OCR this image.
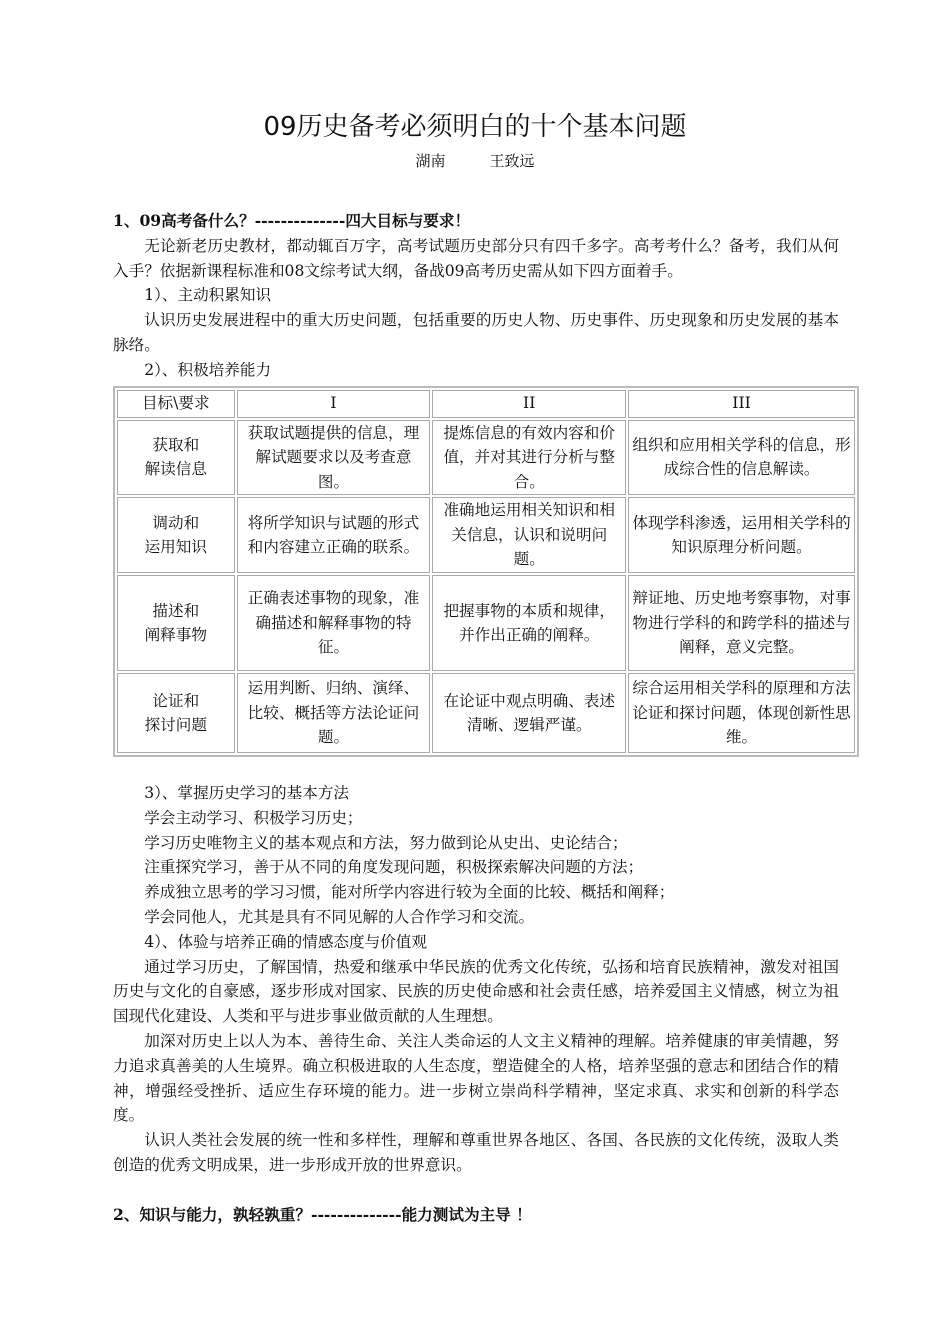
09历史备考必须明白的十个基本问题
湖南	王致远

1、09高考备什么？--------------四大目标与要求！

无论新老历史教材，都动辄百万字，高考试题历史部分只有四千多字。高考考什么？备考，我们从何入手？依据新课程标准和08文综考试大纲，备战09高考历史需从如下四方面着手。

1）、主动积累知识

认识历史发展进程中的重大历史问题，包括重要的历史人物、历史事件、历史现象和历史发展的基本脉络。

2）、积极培养能力

目标\要求	I	II	III
获取和
解读信息	获取试题提供的信息，理解试题要求以及考查意图。	提炼信息的有效内容和价值，并对其进行分析与整合。	组织和应用相关学科的信息，形成综合性的信息解读。
调动和
运用知识	将所学知识与试题的形式和内容建立正确的联系。	准确地运用相关知识和相关信息，认识和说明问题。	体现学科渗透，运用相关学科的知识原理分析问题。
描述和
阐释事物	正确表述事物的现象，准确描述和解释事物的特征。	把握事物的本质和规律，并作出正确的阐释。	辩证地、历史地考察事物，对事物进行学科的和跨学科的描述与阐释，意义完整。
论证和
探讨问题	运用判断、归纳、演绎、比较、概括等方法论证问题。	在论证中观点明确、表述清晰、逻辑严谨。	综合运用相关学科的原理和方法论证和探讨问题，体现创新性思维。

3）、掌握历史学习的基本方法

学会主动学习、积极学习历史；

学习历史唯物主义的基本观点和方法，努力做到论从史出、史论结合；

注重探究学习，善于从不同的角度发现问题，积极探索解决问题的方法；

养成独立思考的学习习惯，能对所学内容进行较为全面的比较、概括和阐释；

学会同他人，尤其是具有不同见解的人合作学习和交流。

4）、体验与培养正确的情感态度与价值观

通过学习历史，了解国情，热爱和继承中华民族的优秀文化传统，弘扬和培育民族精神，激发对祖国历史与文化的自豪感，逐步形成对国家、民族的历史使命感和社会责任感，培养爱国主义情感，树立为祖国现代化建设、人类和平与进步事业做贡献的人生理想。

加深对历史上以人为本、善待生命、关注人类命运的人文主义精神的理解。培养健康的审美情趣，努力追求真善美的人生境界。确立积极进取的人生态度，塑造健全的人格，培养坚强的意志和团结合作的精神，增强经受挫折、适应生存环境的能力。进一步树立崇尚科学精神，坚定求真、求实和创新的科学态度。

认识人类社会发展的统一性和多样性，理解和尊重世界各地区、各国、各民族的文化传统，汲取人类创造的优秀文明成果，进一步形成开放的世界意识。

2、知识与能力，孰轻孰重？--------------能力测试为主导 ！
